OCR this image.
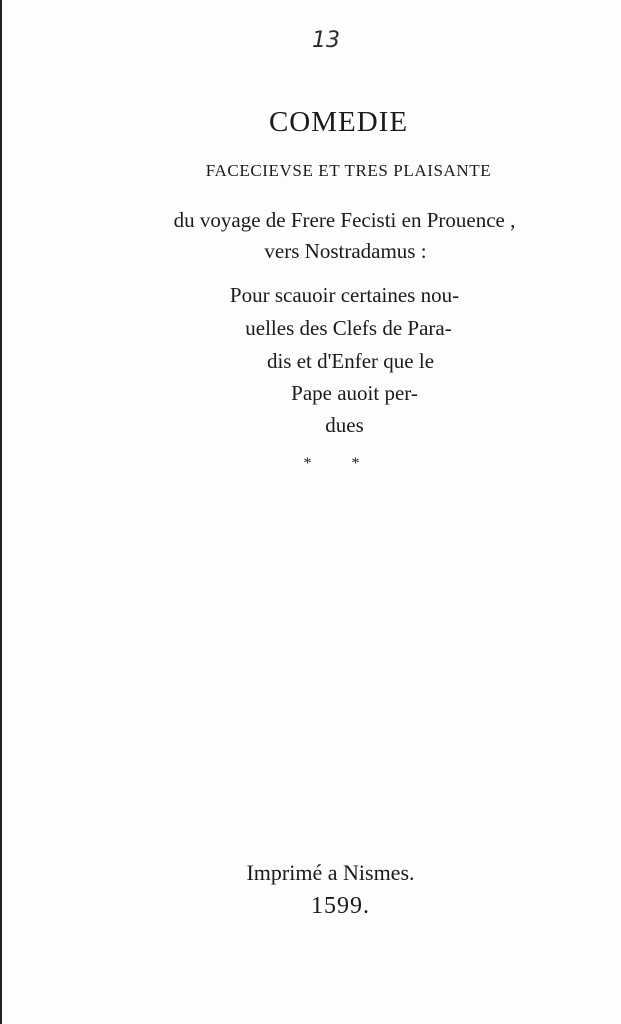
13
COMEDIE
FACECIEVSE ET TRES PLAISANTE
du voyage de Frere Fecisti en Prouence ,
vers Nostradamus :
Pour scauoir certaines nou-
uelles des Clefs de Para-
dis et d'Enfer que le
Pape auoit per-
dues
* *
Imprimé a Nismes.
1599.
